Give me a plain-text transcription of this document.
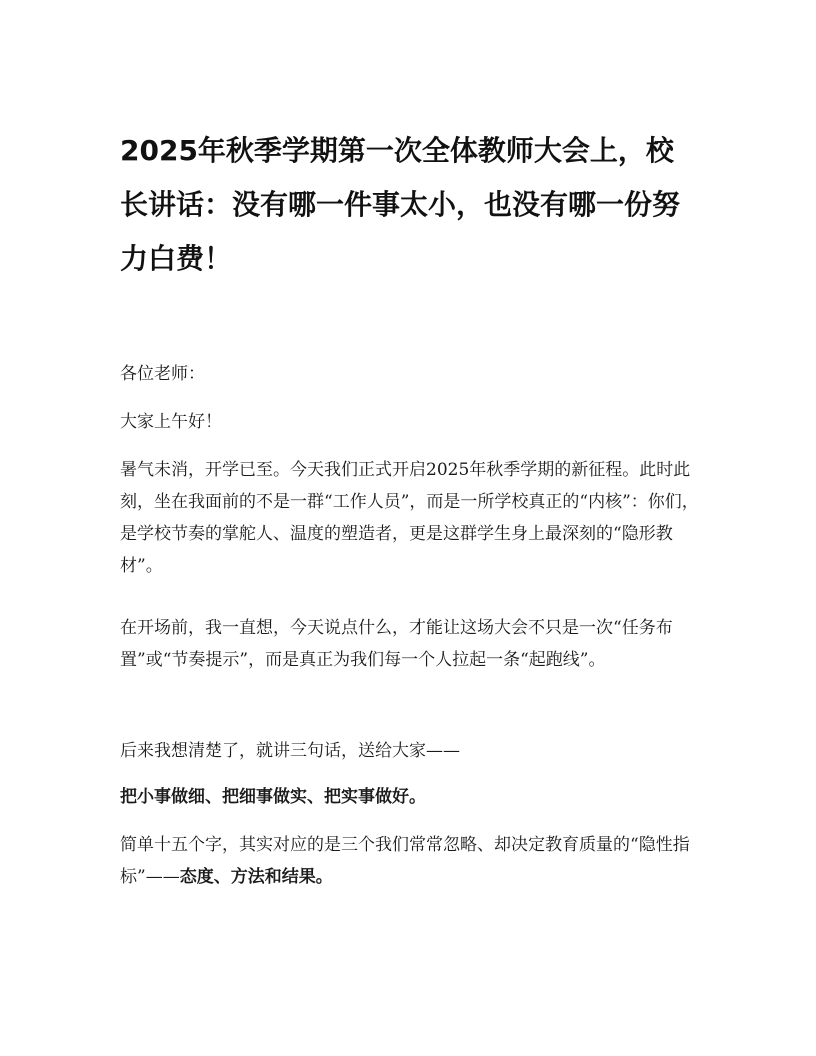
2025年秋季学期第一次全体教师大会上，校长讲话：没有哪一件事太小，也没有哪一份努力白费！

各位老师：

大家上午好！

暑气未消，开学已至。今天我们正式开启2025年秋季学期的新征程。此时此刻，坐在我面前的不是一群“工作人员”，而是一所学校真正的“内核”：你们，是学校节奏的掌舵人、温度的塑造者，更是这群学生身上最深刻的“隐形教材”。

在开场前，我一直想，今天说点什么，才能让这场大会不只是一次“任务布置”或“节奏提示”，而是真正为我们每一个人拉起一条“起跑线”。

后来我想清楚了，就讲三句话，送给大家——

把小事做细、把细事做实、把实事做好。

简单十五个字，其实对应的是三个我们常常忽略、却决定教育质量的“隐性指标”——态度、方法和结果。
